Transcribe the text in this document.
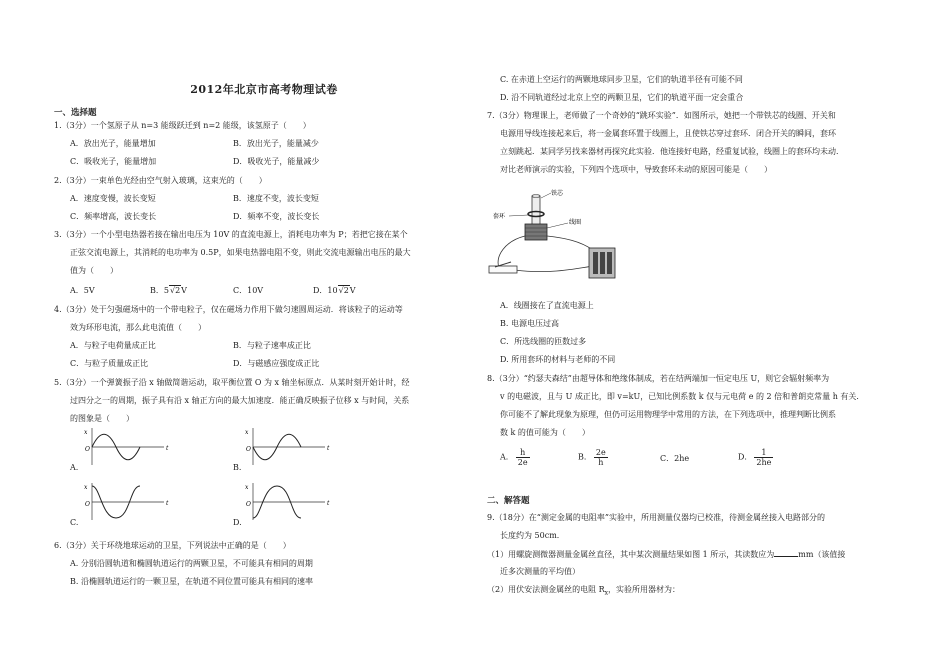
2012年北京市高考物理试卷
一、选择题
1.（3分）一个氢原子从 n=3 能级跃迁到 n=2 能级，该氢原子（　　）
A．放出光子，能量增加	B．放出光子，能量减少
C．吸收光子，能量增加	D．吸收光子，能量减少
2.（3分）一束单色光经由空气射入玻璃，这束光的（　　）
A．速度变慢，波长变短	B．速度不变，波长变短
C．频率增高，波长变长	D．频率不变，波长变长
3.（3分）一个小型电热器若接在输出电压为 10V 的直流电源上，消耗电功率为 P；若把它接在某个
正弦交流电源上，其消耗的电功率为 0.5P，如果电热器电阻不变，则此交流电源输出电压的最大
值为（　　）
A．5V	B．5√2V	C．10V	D．10√2V
4.（3分）处于匀强磁场中的一个带电粒子，仅在磁场力作用下做匀速圆周运动．将该粒子的运动等
效为环形电流，那么此电流值（　　）
A．与粒子电荷量成正比	B．与粒子速率成正比
C．与粒子质量成正比	D．与磁感应强度成正比
5.（3分）一个弹簧振子沿 x 轴做简谐运动，取平衡位置 O 为 x 轴坐标原点．从某时刻开始计时，经
过四分之一的周期，振子具有沿 x 轴正方向的最大加速度．能正确反映振子位移 x 与时间，关系
的图象是（　　）
x
t
O
A.
x
t
O
B.
x
t
O
C.
x
t
O
D.
6.（3分）关于环绕地球运动的卫星，下列说法中正确的是（　　）
A. 分别沿圆轨道和椭圆轨道运行的两颗卫星，不可能具有相同的周期
B. 沿椭圆轨道运行的一颗卫星，在轨道不同位置可能具有相同的速率
C. 在赤道上空运行的两颗地球同步卫星，它们的轨道半径有可能不同
D. 沿不同轨道经过北京上空的两颗卫星，它们的轨道平面一定会重合
7.（3分）物理课上，老师做了一个奇妙的“跳环实验”．如图所示，她把一个带铁芯的线圈、开关和
电源用导线连接起来后，将一金属套环置于线圈上，且使铁芯穿过套环．闭合开关的瞬间，套环
立刻跳起．某同学另找来器材再探究此实验．他连接好电路，经重复试验，线圈上的套环均未动．
对比老师演示的实验，下列四个选项中，导致套环未动的原因可能是（　　）
铁芯
套环
线圈
A．线圈接在了直流电源上
B. 电源电压过高
C．所选线圈的匝数过多
D. 所用套环的材料与老师的不同
8.（3分）“约瑟夫森结”由超导体和绝缘体制成，若在结两端加一恒定电压 U，则它会辐射频率为
v 的电磁波，且与 U 成正比，即 v=kU，已知比例系数 k 仅与元电荷 e 的 2 倍和普朗克常量 h 有关．
你可能不了解此现象为原理，但仍可运用物理学中常用的方法，在下列选项中，推理判断比例系
数 k 的值可能为（　　）
A． $\frac{h}{2e}$	B． $\frac{2e}{h}$	C．2he	D． $\frac{1}{2he}$
二、解答题
9.（18分）在“测定金属的电阻率”实验中，所用测量仪器均已校准，待测金属丝接入电路部分的
长度约为 50cm．
（1）用螺旋测微器测量金属丝直径，其中某次测量结果如图 1 所示，其读数应为	mm（该值接
近多次测量的平均值）
（2）用伏安法测金属丝的电阻 $R_x$，实验所用器材为：
